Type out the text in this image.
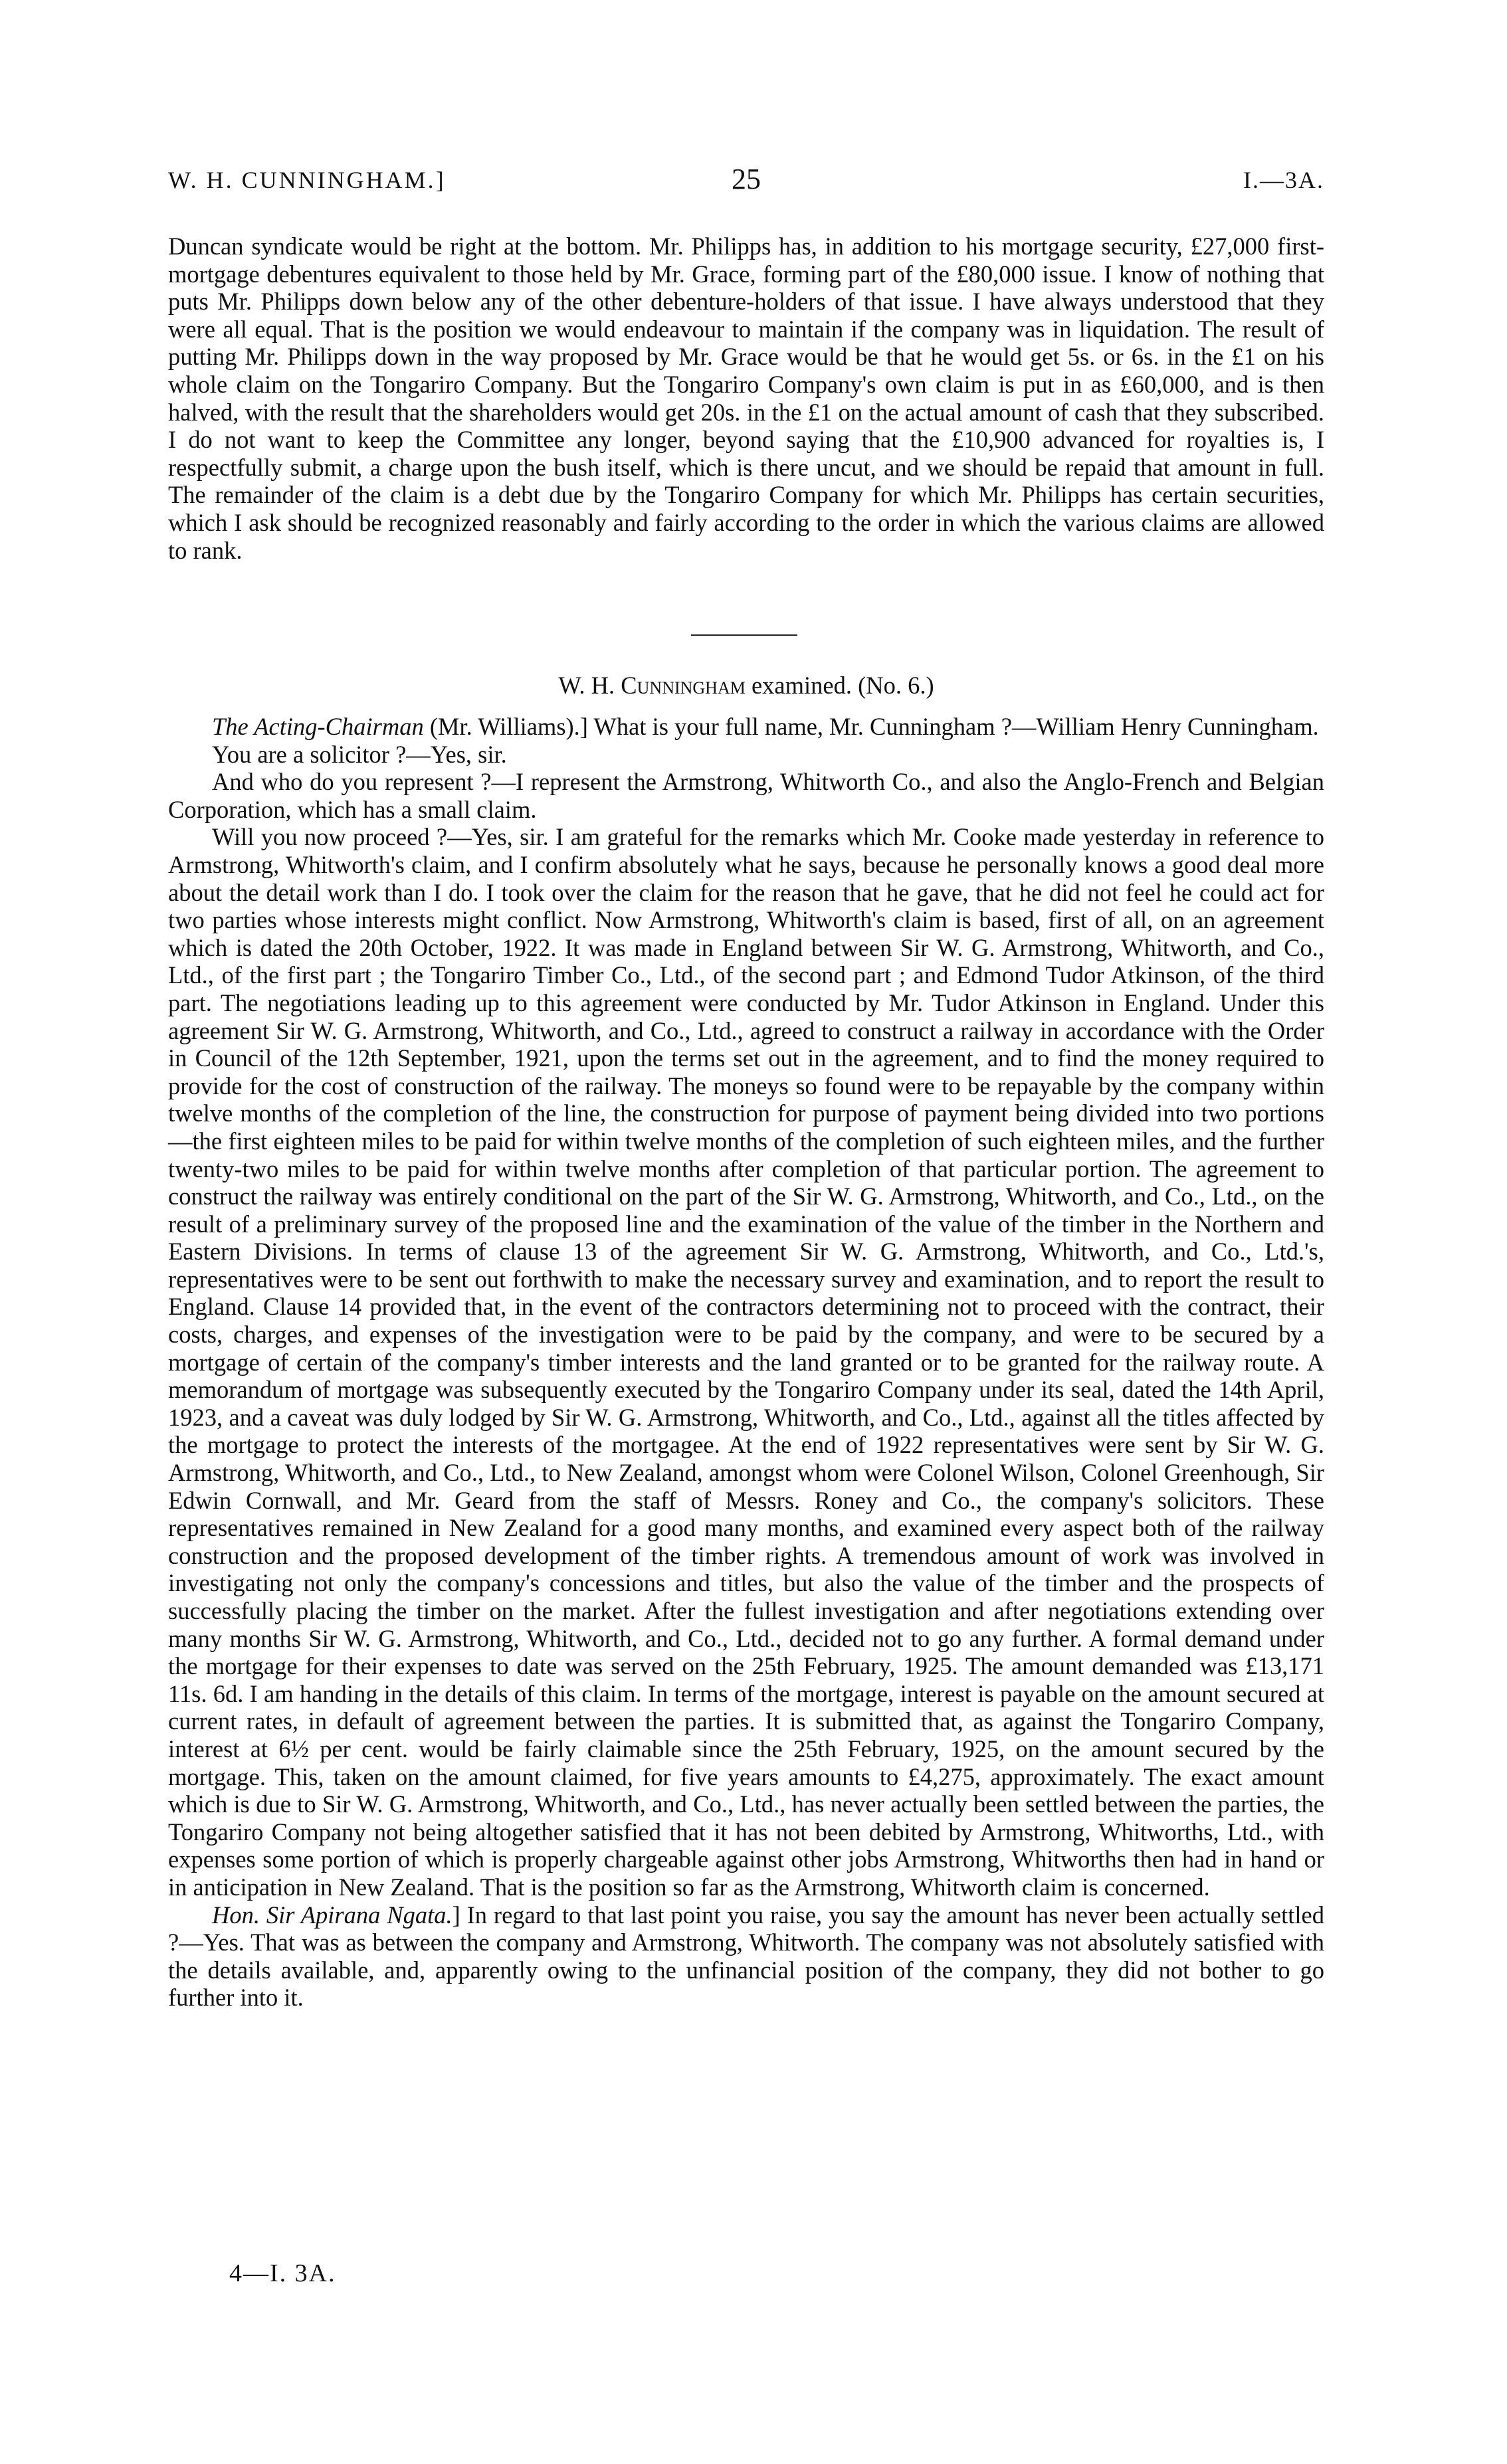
W. H. CUNNINGHAM.]	25	I.—3A.

Duncan syndicate would be right at the bottom. Mr. Philipps has, in addition to his mortgage security, £27,000 first-mortgage debentures equivalent to those held by Mr. Grace, forming part of the £80,000 issue. I know of nothing that puts Mr. Philipps down below any of the other debenture-holders of that issue. I have always understood that they were all equal. That is the position we would endeavour to maintain if the company was in liquidation. The result of putting Mr. Philipps down in the way proposed by Mr. Grace would be that he would get 5s. or 6s. in the £1 on his whole claim on the Tongariro Company. But the Tongariro Company's own claim is put in as £60,000, and is then halved, with the result that the shareholders would get 20s. in the £1 on the actual amount of cash that they subscribed. I do not want to keep the Committee any longer, beyond saying that the £10,900 advanced for royalties is, I respectfully submit, a charge upon the bush itself, which is there uncut, and we should be repaid that amount in full. The remainder of the claim is a debt due by the Tongariro Company for which Mr. Philipps has certain securities, which I ask should be recognized reasonably and fairly according to the order in which the various claims are allowed to rank.

W. H. Cunningham examined. (No. 6.)

The Acting-Chairman (Mr. Williams).] What is your full name, Mr. Cunningham ?—William Henry Cunningham.

You are a solicitor ?—Yes, sir.

And who do you represent ?—I represent the Armstrong, Whitworth Co., and also the Anglo-French and Belgian Corporation, which has a small claim.

Will you now proceed ?—Yes, sir. I am grateful for the remarks which Mr. Cooke made yesterday in reference to Armstrong, Whitworth's claim, and I confirm absolutely what he says, because he personally knows a good deal more about the detail work than I do. I took over the claim for the reason that he gave, that he did not feel he could act for two parties whose interests might conflict. Now Armstrong, Whitworth's claim is based, first of all, on an agreement which is dated the 20th October, 1922. It was made in England between Sir W. G. Armstrong, Whitworth, and Co., Ltd., of the first part ; the Tongariro Timber Co., Ltd., of the second part ; and Edmond Tudor Atkinson, of the third part. The negotiations leading up to this agreement were conducted by Mr. Tudor Atkinson in England. Under this agreement Sir W. G. Armstrong, Whitworth, and Co., Ltd., agreed to construct a railway in accordance with the Order in Council of the 12th September, 1921, upon the terms set out in the agreement, and to find the money required to provide for the cost of construction of the railway. The moneys so found were to be repayable by the company within twelve months of the completion of the line, the construction for purpose of payment being divided into two portions —the first eighteen miles to be paid for within twelve months of the completion of such eighteen miles, and the further twenty-two miles to be paid for within twelve months after completion of that particular portion. The agreement to construct the railway was entirely conditional on the part of the Sir W. G. Armstrong, Whitworth, and Co., Ltd., on the result of a preliminary survey of the proposed line and the examination of the value of the timber in the Northern and Eastern Divisions. In terms of clause 13 of the agreement Sir W. G. Armstrong, Whitworth, and Co., Ltd.'s, representatives were to be sent out forthwith to make the necessary survey and examination, and to report the result to England. Clause 14 provided that, in the event of the contractors determining not to proceed with the contract, their costs, charges, and expenses of the investigation were to be paid by the company, and were to be secured by a mortgage of certain of the company's timber interests and the land granted or to be granted for the railway route. A memorandum of mortgage was subsequently executed by the Tongariro Company under its seal, dated the 14th April, 1923, and a caveat was duly lodged by Sir W. G. Armstrong, Whitworth, and Co., Ltd., against all the titles affected by the mortgage to protect the interests of the mortgagee. At the end of 1922 representatives were sent by Sir W. G. Armstrong, Whitworth, and Co., Ltd., to New Zealand, amongst whom were Colonel Wilson, Colonel Greenhough, Sir Edwin Cornwall, and Mr. Geard from the staff of Messrs. Roney and Co., the company's solicitors. These representatives remained in New Zealand for a good many months, and examined every aspect both of the railway construction and the proposed development of the timber rights. A tremendous amount of work was involved in investigating not only the company's concessions and titles, but also the value of the timber and the prospects of successfully placing the timber on the market. After the fullest investigation and after negotiations extending over many months Sir W. G. Armstrong, Whitworth, and Co., Ltd., decided not to go any further. A formal demand under the mortgage for their expenses to date was served on the 25th February, 1925. The amount demanded was £13,171 11s. 6d. I am handing in the details of this claim. In terms of the mortgage, interest is payable on the amount secured at current rates, in default of agreement between the parties. It is submitted that, as against the Tongariro Company, interest at 6½ per cent. would be fairly claimable since the 25th February, 1925, on the amount secured by the mortgage. This, taken on the amount claimed, for five years amounts to £4,275, approximately. The exact amount which is due to Sir W. G. Armstrong, Whitworth, and Co., Ltd., has never actually been settled between the parties, the Tongariro Company not being altogether satisfied that it has not been debited by Armstrong, Whitworths, Ltd., with expenses some portion of which is properly chargeable against other jobs Armstrong, Whitworths then had in hand or in anticipation in New Zealand. That is the position so far as the Armstrong, Whitworth claim is concerned.

Hon. Sir Apirana Ngata.] In regard to that last point you raise, you say the amount has never been actually settled ?—Yes. That was as between the company and Armstrong, Whitworth. The company was not absolutely satisfied with the details available, and, apparently owing to the unfinancial position of the company, they did not bother to go further into it.

4—I. 3A.
